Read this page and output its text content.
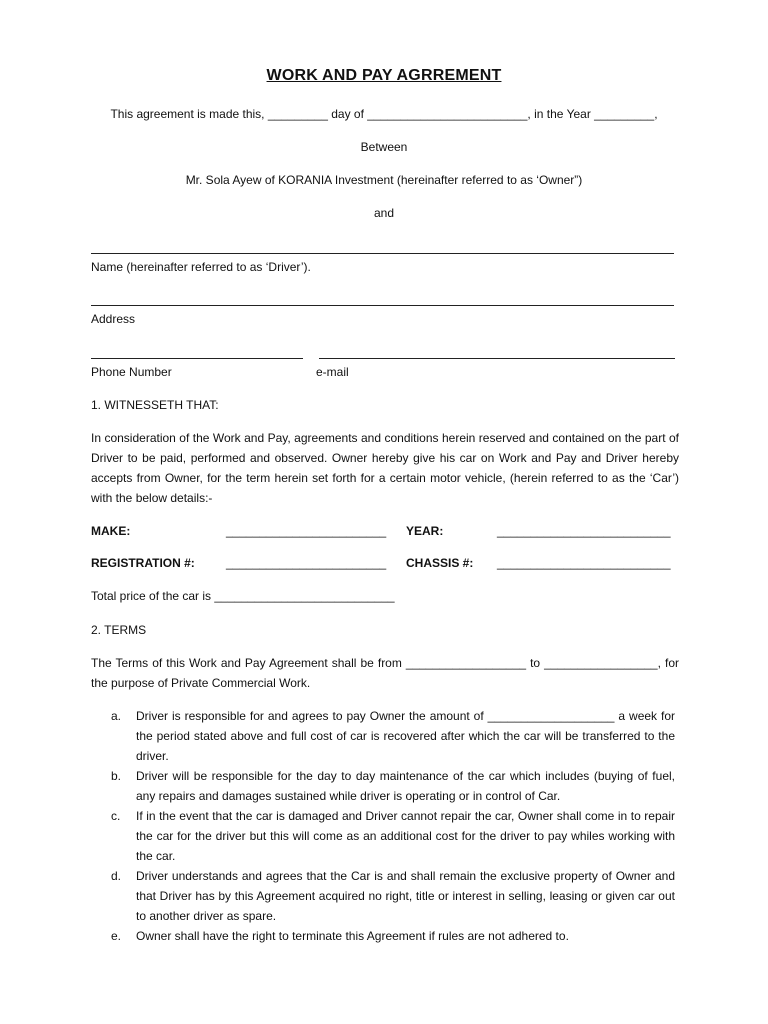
WORK AND PAY AGRREMENT
This agreement is made this, _________ day of ________________________, in the Year _________,
Between
Mr. Sola Ayew of KORANIA Investment (hereinafter referred to as ‘Owner”)
and
Name (hereinafter referred to as ‘Driver’).
Address
Phone Number	e-mail
1. WITNESSETH THAT:

In consideration of the Work and Pay, agreements and conditions herein reserved and contained on the part of Driver to be paid, performed and observed. Owner hereby give his car on Work and Pay and Driver hereby accepts from Owner, for the term herein set forth for a certain motor vehicle, (herein referred to as the ‘Car’) with the below details:-

MAKE:	________________________ YEAR:	__________________________
REGISTRATION #:	________________________ CHASSIS #: __________________________
Total price of the car is ___________________________
2. TERMS

The Terms of this Work and Pay Agreement shall be from __________________ to _________________, for the purpose of Private Commercial Work.

a. Driver is responsible for and agrees to pay Owner the amount of ___________________ a week for the period stated above and full cost of car is recovered after which the car will be transferred to the driver.
b. Driver will be responsible for the day to day maintenance of the car which includes (buying of fuel, any repairs and damages sustained while driver is operating or in control of Car.
c. If in the event that the car is damaged and Driver cannot repair the car, Owner shall come in to repair the car for the driver but this will come as an additional cost for the driver to pay whiles working with the car.
d. Driver understands and agrees that the Car is and shall remain the exclusive property of Owner and that Driver has by this Agreement acquired no right, title or interest in selling, leasing or given car out to another driver as spare.
e. Owner shall have the right to terminate this Agreement if rules are not adhered to.
